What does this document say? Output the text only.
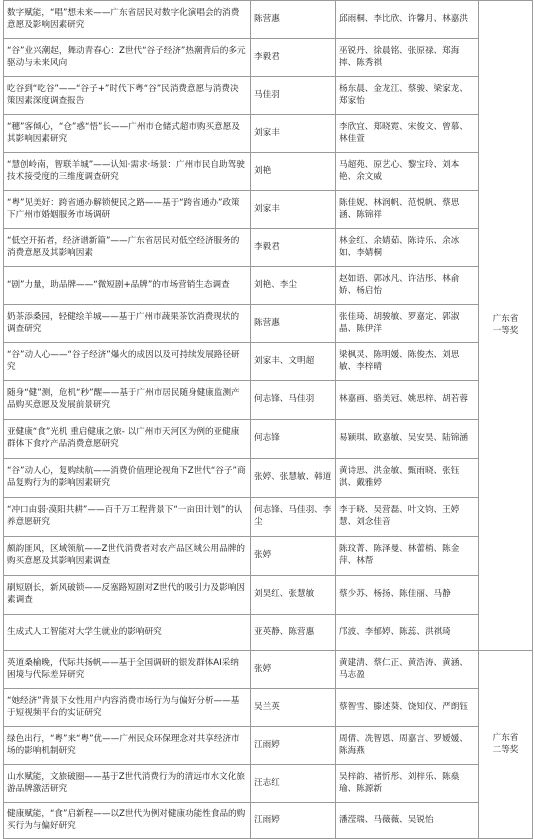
数字赋能，“唱”想未来——广东省居民对数字化演唱会的消费意愿及影响因素研究	陈营惠	邱雨桐、李比欣、许馨月、林嘉洪	广东省
一等奖
“谷”业兴潮起，舞动青春心：Z世代“谷子经济”热潮背后的多元驱动与未来风向	李毅君	巫锐丹、徐晨铭、张原禄、郑海摔、陈秀祺	
吃谷到“吃谷”——“谷子+”时代下粤“谷”民消费意愿与消费决策因素深度调查报告	马佳羽	杨东晨、金龙江、蔡骏、梁家龙、郑家怡	
“穗”客倾心，“仓”惑“悟”长——广州市仓储式超市购买意愿及其影响因素研究	刘家丰	李欣宜、郑晓霓、宋俊文、曾慕、林佳萱	
“慧创岭南，智联羊城”——认知·需求·场景：广州市民自助驾驶技术接受度的三维度调查研究	刘艳	马超苑、原艺心、黎宝玲、刘本艳、余文威	
“粤”见美好：跨省通办解锁便民之路——基于“跨省通办”政策下广州市婚姻服务市场调研	刘家丰	陈佳妮、林润帆、范悦帆、蔡思涵、陈锦祥	
“低空开拓者，经济谱新篇”——广东省居民对低空经济服务的消费意愿及其影响因素	李毅君	林金红、余婧茹、陈诗乐、余冰如、李婧桐	
“剧”力量，助品牌——“微短剧+品牌”的市场营销生态调查	刘艳、李尘	赵如语、郭冰凡、许洁彤、林俞娇、杨启怡	
奶茶添桑园，轻健绘羊城——基于广州市蔬果茶饮消费现状的调查研究	陈营惠	张佳琦、胡骏敏、罗嘉定、郭淑晶、陈伊洋	
“谷”动人心——“谷子经济”爆火的成因以及可持续发展路径研究	刘家丰、文明超	梁枫灵、陈明媛、陈俊杰、刘思敏、李梓晴	
随身“健”测，危机“秒”醒——基于广州市居民随身健康监测产品购买意愿及发展前景研究	何志锋、马佳羽	林嘉画、骆美冠、姚思梓、胡若蓉	
亚健康“食”光机 重启健康之旅- 以广州市天河区为例的亚健康群体下食疗产品消费意愿研究	何志锋	易颖琪、欧嘉敏、吴安昊、陆锦涵	
“谷”动人心，复购续航——消费价值理论视角下Z世代“谷子”商品复购行为的影响因素研究	张婷、张慧敏、韩道	黄诗思、洪金敏、甄雨晓、张钰淇、戴雅婷	
“冲口由弱·漠阳共耕”——百千万工程背景下“一亩田计划”的认养意愿研究	何志锋、马佳羽、李尘	李于晓、吴营磊、叶文钧、王婷慧、刘念佳音	
颇韵匪风，区域领航——Z世代消费者对农产品区域公用品牌的购买意愿及其影响因素调查	张婷	陈玟菁、陈泽曼、林蕾梢、陈金萍、林帮	
刷短剧长，新风破锁——反塞路短剧对Z世代的吸引力及影响因素调查	刘昊红、张慧敏	蔡少苏、杨扬、陈佳丽、马静	
生成式人工智能对大学生就业的影响研究	亚英静、陈营惠	邝波、李郁婷、陈蕊、洪祺琦	
英道桑榆晚，代际共扬帆——基于全国调研的银发群体AI采纳困境与代际差异研究	张婷	黄建清、蔡仁正、黄浩涛、黄涵、马志盈	广东省
二等奖
“她经济”背景下女性用户内容消费市场行为与偏好分析——基于短视频平台的实证研究	吴兰英	蔡智雪、滕述葵、饶知仪、严朗钰	
绿色出行，“粤”来“粤”优——广州民众环保理念对共享经济市场的影响机制研究	江雨婷	周倩、冼智恩、周嘉言、罗嫒媛、陈海燕	
山水赋能，文旅破圈——基于Z世代消费行为的清远市水文化旅游品牌激活研究	汪志红	吴梓韵、褚忻彤、刘梓乐、陈燊瑜、陈源新	
健康赋能，“食”启新程——以Z世代为例对健康功能性食品的购买行为与偏好研究	江雨婷	潘滢瑞、马薇薇、吴锐怡	
